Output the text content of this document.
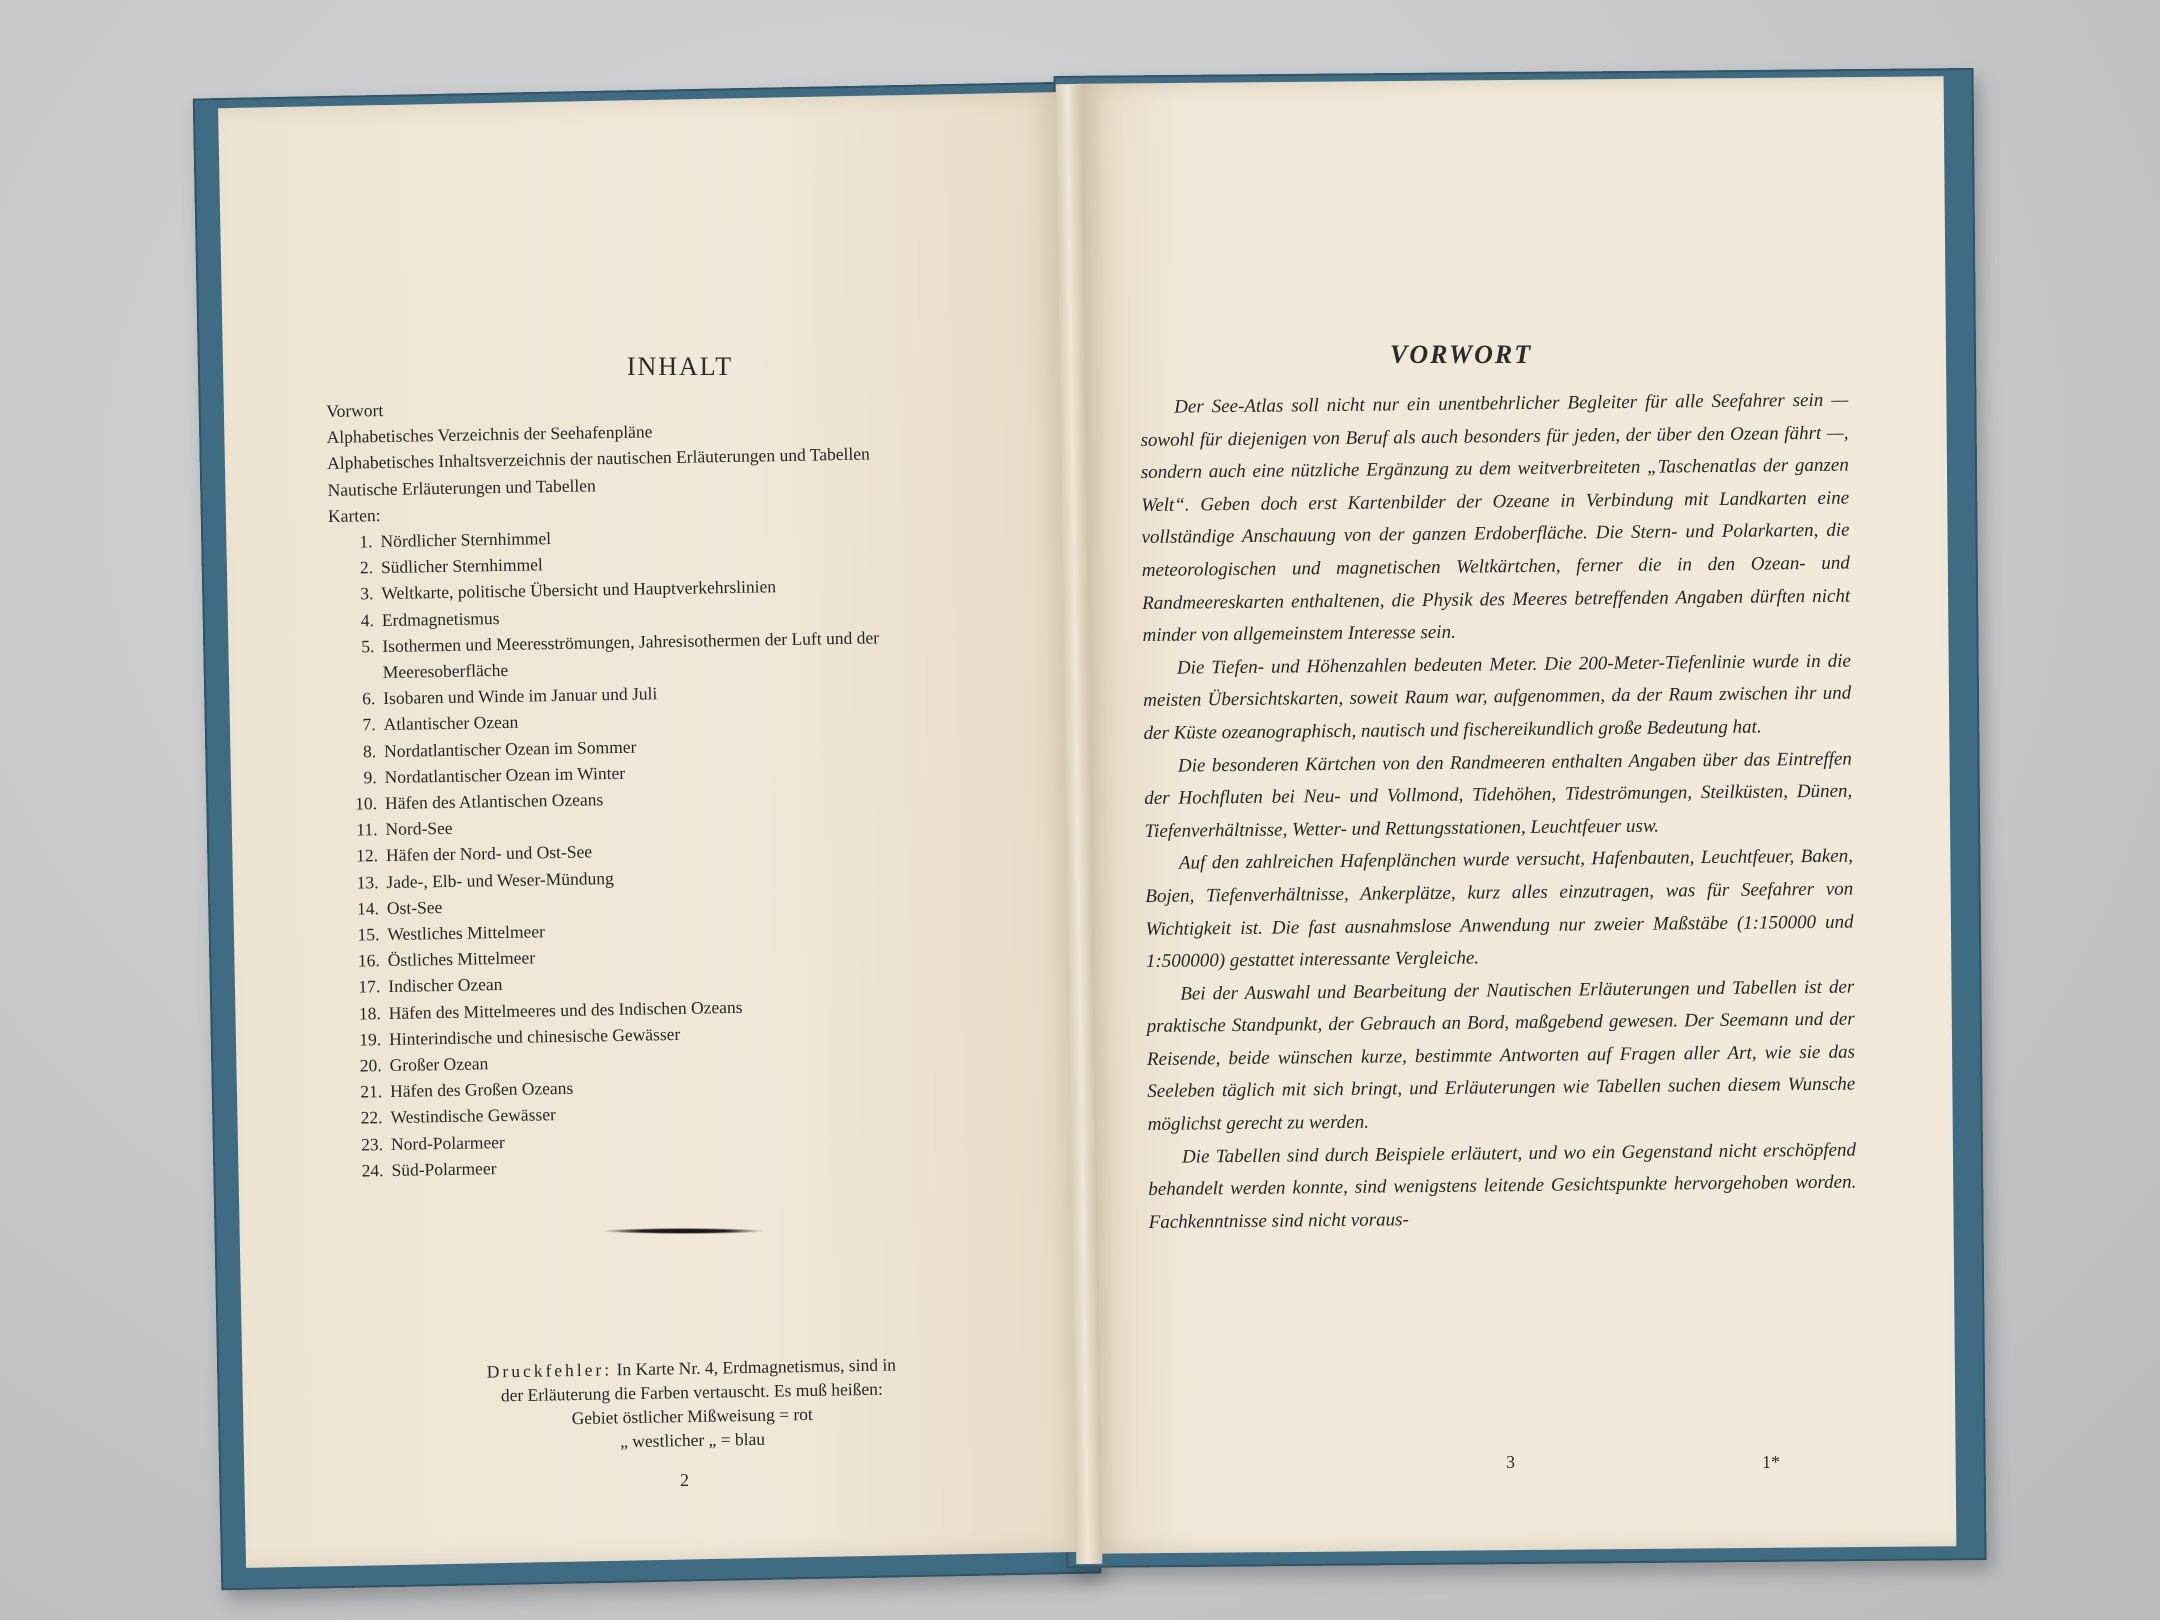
INHALT
Vorwort
Alphabetisches Verzeichnis der Seehafenpläne
Alphabetisches Inhaltsverzeichnis der nautischen Erläuterungen und Tabellen
Nautische Erläuterungen und Tabellen
Karten:
1. Nördlicher Sternhimmel
2. Südlicher Sternhimmel
3. Weltkarte, politische Übersicht und Hauptverkehrslinien
4. Erdmagnetismus
5. Isothermen und Meeresströmungen, Jahresisothermen der Luft und der
Meeresoberfläche
6. Isobaren und Winde im Januar und Juli
7. Atlantischer Ozean
8. Nordatlantischer Ozean im Sommer
9. Nordatlantischer Ozean im Winter
10. Häfen des Atlantischen Ozeans
11. Nord-See
12. Häfen der Nord- und Ost-See
13. Jade-, Elb- und Weser-Mündung
14. Ost-See
15. Westliches Mittelmeer
16. Östliches Mittelmeer
17. Indischer Ozean
18. Häfen des Mittelmeeres und des Indischen Ozeans
19. Hinterindische und chinesische Gewässer
20. Großer Ozean
21. Häfen des Großen Ozeans
22. Westindische Gewässer
23. Nord-Polarmeer
24. Süd-Polarmeer
Druckfehler: In Karte Nr. 4, Erdmagnetismus, sind in
der Erläuterung die Farben vertauscht. Es muß heißen:
Gebiet östlicher Mißweisung = rot
„ westlicher „ = blau
2
VORWORT

Der See-Atlas soll nicht nur ein unentbehrlicher Begleiter für alle Seefahrer sein — sowohl für diejenigen von Beruf als auch besonders für jeden, der über den Ozean fährt —, sondern auch eine nützliche Ergänzung zu dem weitverbreiteten „Taschenatlas der ganzen Welt“. Geben doch erst Kartenbilder der Ozeane in Verbindung mit Landkarten eine vollständige Anschauung von der ganzen Erdoberfläche. Die Stern- und Polarkarten, die meteorologischen und magnetischen Weltkärtchen, ferner die in den Ozean- und Randmeereskarten enthaltenen, die Physik des Meeres betreffenden Angaben dürften nicht minder von allgemeinstem Interesse sein.

Die Tiefen- und Höhenzahlen bedeuten Meter. Die 200-Meter-Tiefenlinie wurde in die meisten Übersichtskarten, soweit Raum war, aufgenommen, da der Raum zwischen ihr und der Küste ozeanographisch, nautisch und fischereikundlich große Bedeutung hat.

Die besonderen Kärtchen von den Randmeeren enthalten Angaben über das Eintreffen der Hochfluten bei Neu- und Vollmond, Tidehöhen, Tideströmungen, Steilküsten, Dünen, Tiefenverhältnisse, Wetter- und Rettungsstationen, Leuchtfeuer usw.

Auf den zahlreichen Hafenplänchen wurde versucht, Hafenbauten, Leuchtfeuer, Baken, Bojen, Tiefenverhältnisse, Ankerplätze, kurz alles einzutragen, was für Seefahrer von Wichtigkeit ist. Die fast ausnahmslose Anwendung nur zweier Maßstäbe (1:150000 und 1:500000) gestattet interessante Vergleiche.

Bei der Auswahl und Bearbeitung der Nautischen Erläuterungen und Tabellen ist der praktische Standpunkt, der Gebrauch an Bord, maßgebend gewesen. Der Seemann und der Reisende, beide wünschen kurze, bestimmte Antworten auf Fragen aller Art, wie sie das Seeleben täglich mit sich bringt, und Erläuterungen wie Tabellen suchen diesem Wunsche möglichst gerecht zu werden.

Die Tabellen sind durch Beispiele erläutert, und wo ein Gegenstand nicht erschöpfend behandelt werden konnte, sind wenigstens leitende Gesichtspunkte hervorgehoben worden. Fachkenntnisse sind nicht voraus-

3	1*
